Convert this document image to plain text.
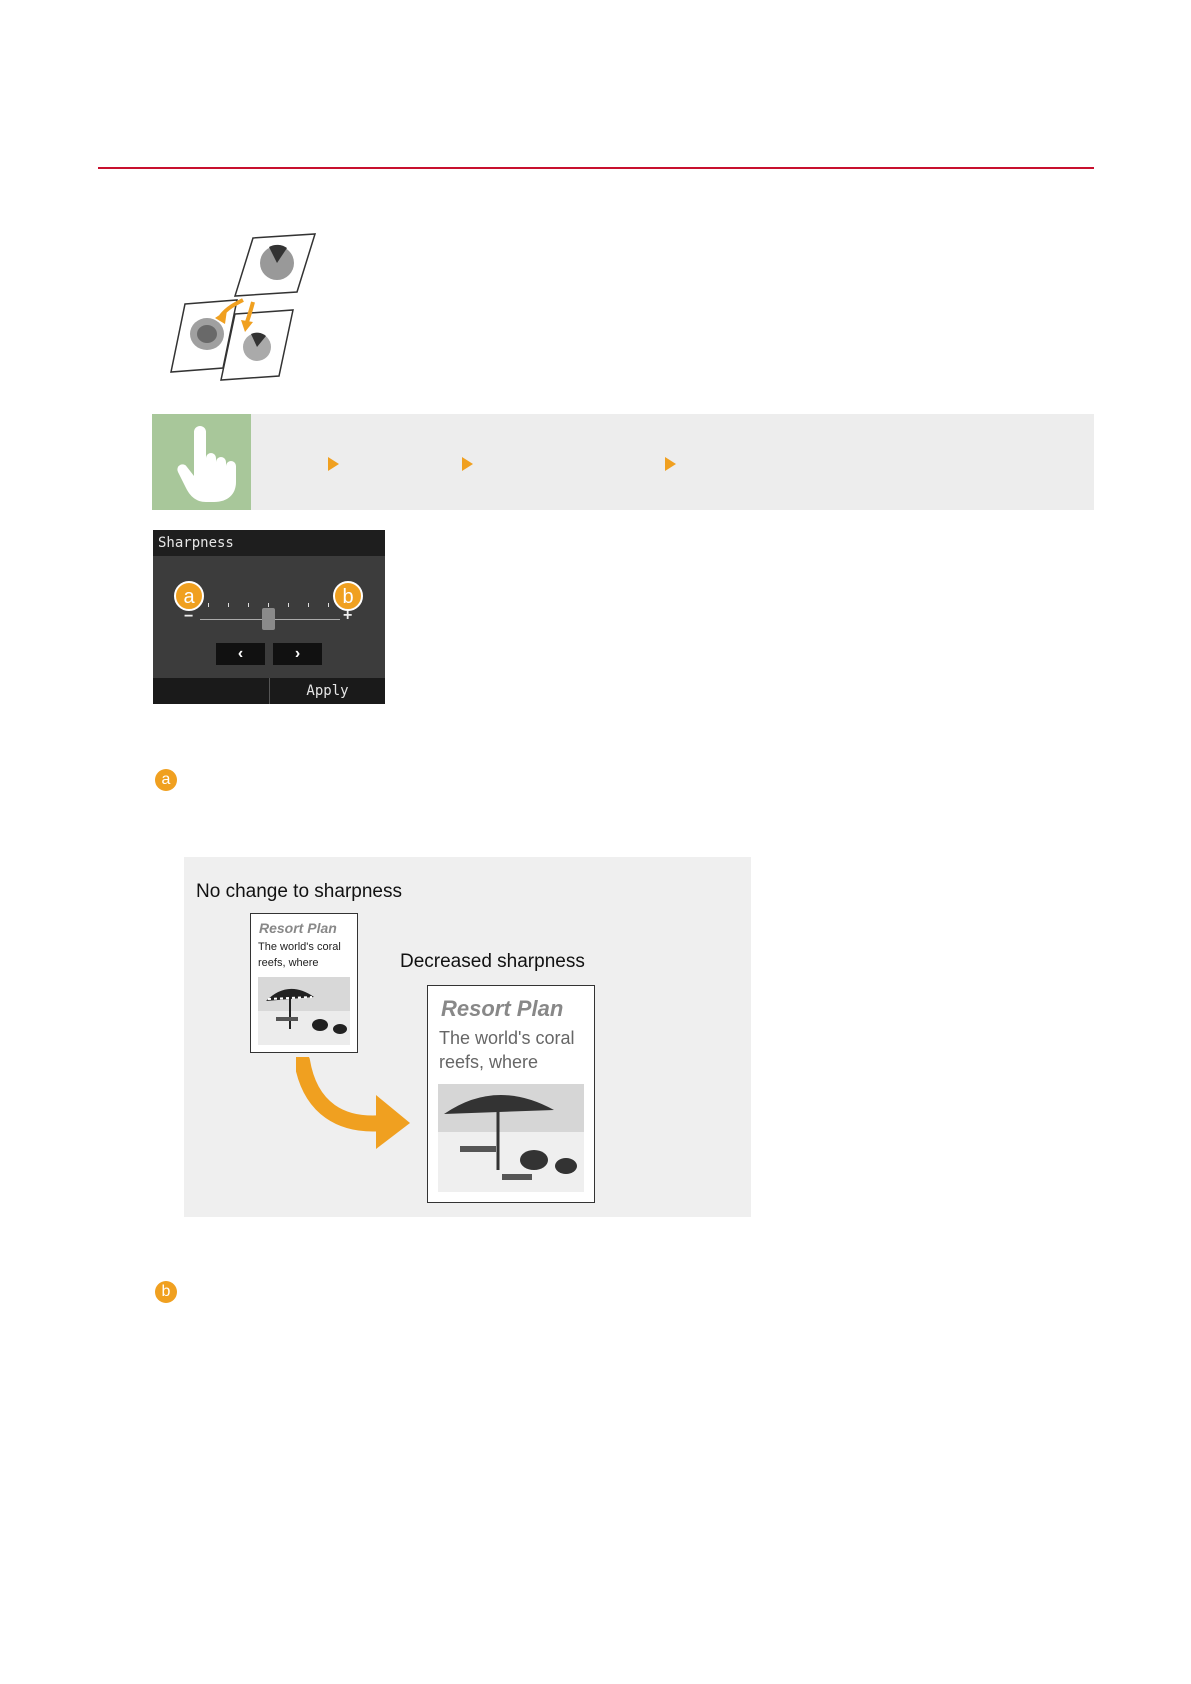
Sharpness
a	b
−	+
‹	›
Apply
a
No change to sharpness
Resort Plan
The world's coral
reefs, where	Decreased sharpness
Resort Plan
The world's coral
reefs, where
b
